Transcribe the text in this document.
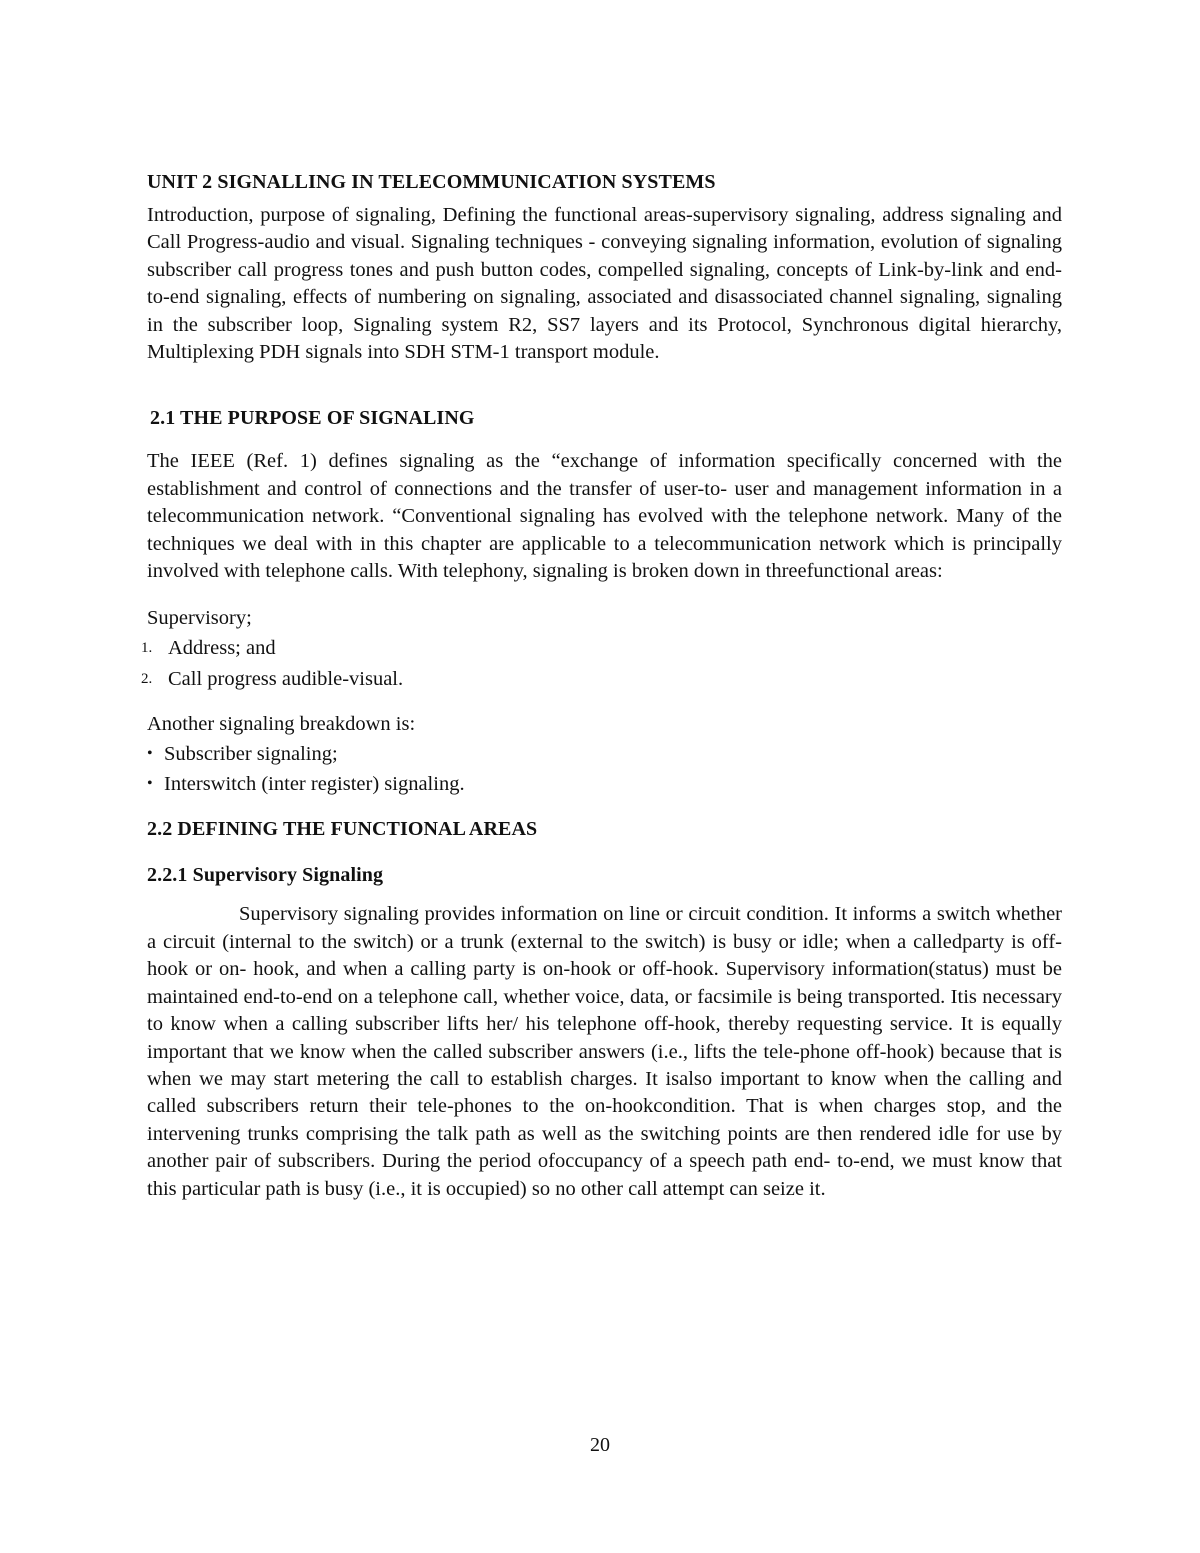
UNIT 2 SIGNALLING IN TELECOMMUNICATION SYSTEMS

Introduction, purpose of signaling, Defining the functional areas-supervisory signaling, address signaling and Call Progress-audio and visual. Signaling techniques - conveying signaling information, evolution of signaling subscriber call progress tones and push button codes, compelled signaling, concepts of Link-by-link and end-to-end signaling, effects of numbering on signaling, associated and disassociated channel signaling, signaling in the subscriber loop, Signaling system R2, SS7 layers and its Protocol, Synchronous digital hierarchy, Multiplexing PDH signals into SDH STM-1 transport module.

2.1 THE PURPOSE OF SIGNALING

The IEEE (Ref. 1) defines signaling as the “exchange of information specifically concerned with the establishment and control of connections and the transfer of user-to- user and management information in a telecommunication network. “Conventional signaling has evolved with the telephone network. Many of the techniques we deal with in this chapter are applicable to a telecommunication network which is principally involved with telephone calls. With telephony, signaling is broken down in threefunctional areas:

Supervisory;
1. Address; and
2. Call progress audible-visual.
Another signaling breakdown is:
• Subscriber signaling;
• Interswitch (inter register) signaling.
2.2 DEFINING THE FUNCTIONAL AREAS
2.2.1 Supervisory Signaling

Supervisory signaling provides information on line or circuit condition. It informs a switch whether a circuit (internal to the switch) or a trunk (external to the switch) is busy or idle; when a calledparty is off-hook or on- hook, and when a calling party is on-hook or off-hook. Supervisory information(status) must be maintained end-to-end on a telephone call, whether voice, data, or facsimile is being transported. Itis necessary to know when a calling subscriber lifts her/ his telephone off-hook, thereby requesting service. It is equally important that we know when the called subscriber answers (i.e., lifts the tele-phone off-hook) because that is when we may start metering the call to establish charges. It isalso important to know when the calling and called subscribers return their tele-phones to the on-hookcondition. That is when charges stop, and the intervening trunks comprising the talk path as well as the switching points are then rendered idle for use by another pair of subscribers. During the period ofoccupancy of a speech path end- to-end, we must know that this particular path is busy (i.e., it is occupied) so no other call attempt can seize it.

20
